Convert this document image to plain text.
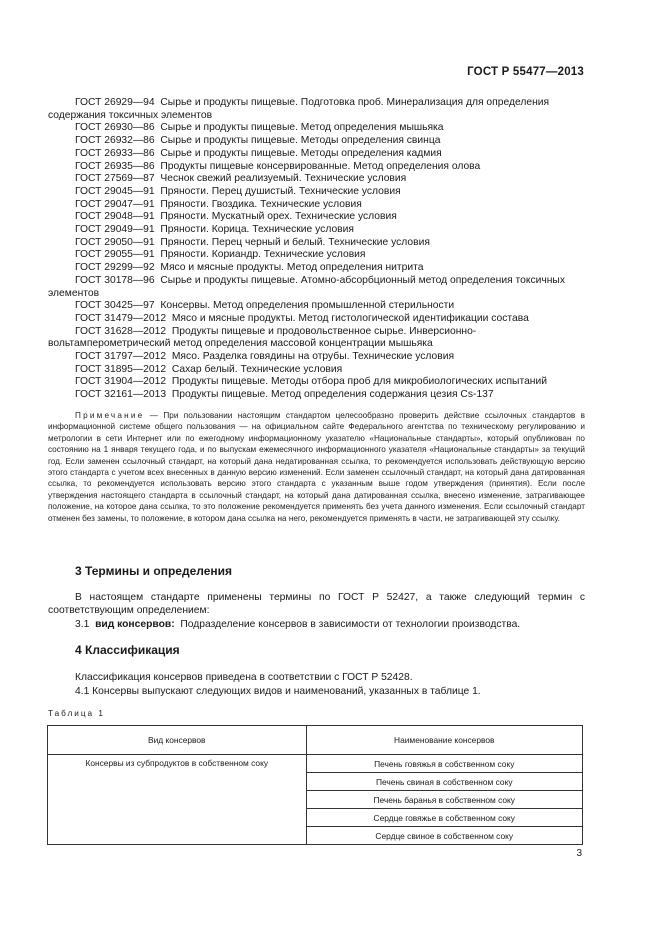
ГОСТ Р 55477—2013

ГОСТ 26929—94 Сырье и продукты пищевые. Подготовка проб. Минерализация для определения содержания токсичных элементов

ГОСТ 26930—86 Сырье и продукты пищевые. Метод определения мышьяка

ГОСТ 26932—86 Сырье и продукты пищевые. Методы определения свинца

ГОСТ 26933—86 Сырье и продукты пищевые. Методы определения кадмия

ГОСТ 26935—86 Продукты пищевые консервированные. Метод определения олова

ГОСТ 27569—87 Чеснок свежий реализуемый. Технические условия

ГОСТ 29045—91 Пряности. Перец душистый. Технические условия

ГОСТ 29047—91 Пряности. Гвоздика. Технические условия

ГОСТ 29048—91 Пряности. Мускатный орех. Технические условия

ГОСТ 29049—91 Пряности. Корица. Технические условия

ГОСТ 29050—91 Пряности. Перец черный и белый. Технические условия

ГОСТ 29055—91 Пряности. Кориандр. Технические условия

ГОСТ 29299—92 Мясо и мясные продукты. Метод определения нитрита

ГОСТ 30178—96 Сырье и продукты пищевые. Атомно-абсорбционный метод определения токсичных элементов

ГОСТ 30425—97 Консервы. Метод определения промышленной стерильности

ГОСТ 31479—2012 Мясо и мясные продукты. Метод гистологической идентификации состава

ГОСТ 31628—2012 Продукты пищевые и продовольственное сырье. Инверсионно-вольтамперометрический метод определения массовой концентрации мышьяка

ГОСТ 31797—2012 Мясо. Разделка говядины на отрубы. Технические условия

ГОСТ 31895—2012 Сахар белый. Технические условия

ГОСТ 31904—2012 Продукты пищевые. Методы отбора проб для микробиологических испытаний

ГОСТ 32161—2013 Продукты пищевые. Метод определения содержания цезия Cs-137

Примечание — При пользовании настоящим стандартом целесообразно проверить действие ссылочных стандартов в информационной системе общего пользования — на официальном сайте Федерального агентства по техническому регулированию и метрологии в сети Интернет или по ежегодному информационному указателю «Национальные стандарты», который опубликован по состоянию на 1 января текущего года, и по выпускам ежемесячного информационного указателя «Национальные стандарты» за текущий год. Если заменен ссылочный стандарт, на который дана недатированная ссылка, то рекомендуется использовать действующую версию этого стандарта с учетом всех внесенных в данную версию изменений. Если заменен ссылочный стандарт, на который дана датированная ссылка, то рекомендуется использовать версию этого стандарта с указанным выше годом утверждения (принятия). Если после утверждения настоящего стандарта в ссылочный стандарт, на который дана датированная ссылка, внесено изменение, затрагивающее положение, на которое дана ссылка, то это положение рекомендуется применять без учета данного изменения. Если ссылочный стандарт отменен без замены, то положение, в котором дана ссылка на него, рекомендуется применять в части, не затрагивающей эту ссылку.

3 Термины и определения

В настоящем стандарте применены термины по ГОСТ Р 52427, а также следующий термин с соответствующим определением:

3.1 вид консервов: Подразделение консервов в зависимости от технологии производства.

4 Классификация

Классификация консервов приведена в соответствии с ГОСТ Р 52428.

4.1 Консервы выпускают следующих видов и наименований, указанных в таблице 1.

Таблица 1
Вид консервов	Наименование консервов
Консервы из субпродуктов в собственном соку	Печень говяжья в собственном соку
	Печень свиная в собственном соку
	Печень баранья в собственном соку
	Сердце говяжье в собственном соку
	Сердце свиное в собственном соку
3
